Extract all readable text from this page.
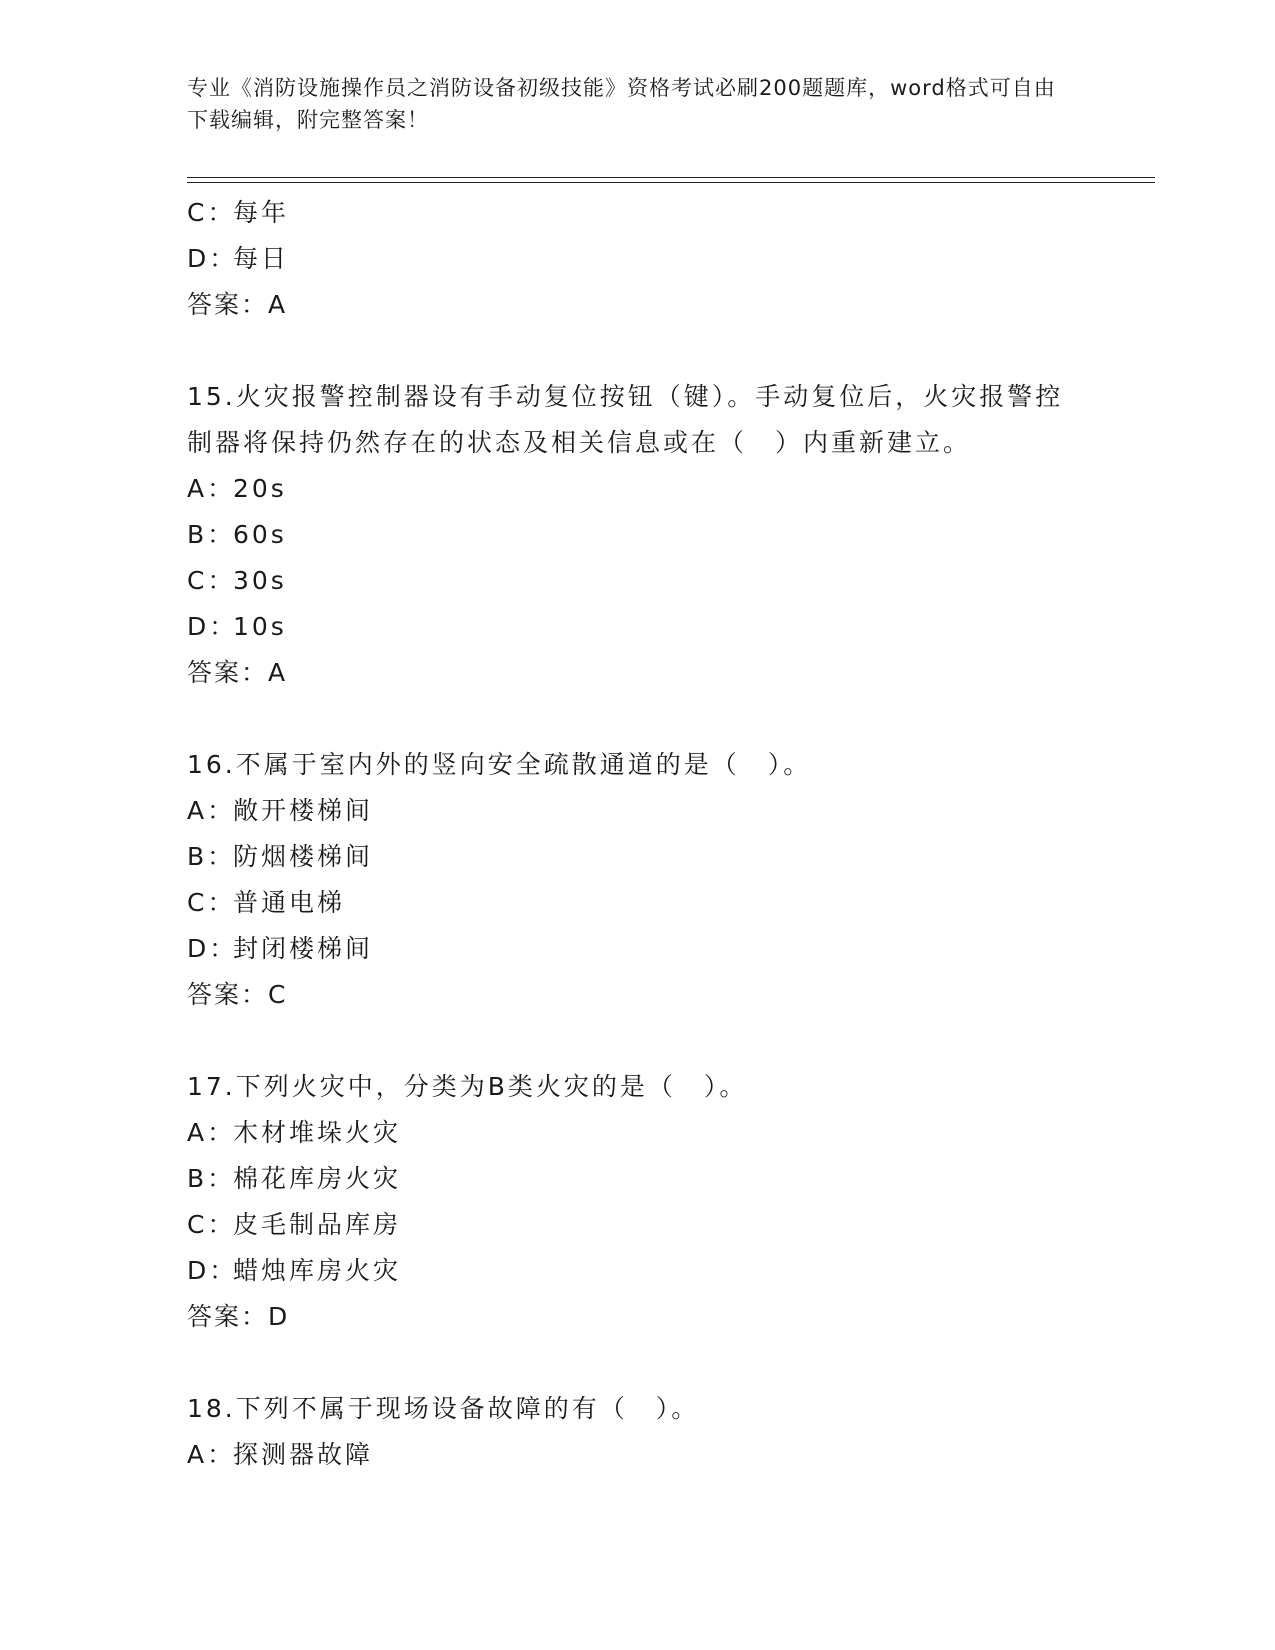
专业《消防设施操作员之消防设备初级技能》资格考试必刷200题题库，word格式可自由下载编辑，附完整答案！
C：每年
D：每日
答案：A
15.火灾报警控制器设有手动复位按钮（键）。手动复位后，火灾报警控制器将保持仍然存在的状态及相关信息或在（　）内重新建立。
A：20s
B：60s
C：30s
D：10s
答案：A
16.不属于室内外的竖向安全疏散通道的是（　）。
A：敞开楼梯间
B：防烟楼梯间
C：普通电梯
D：封闭楼梯间
答案：C
17.下列火灾中，分类为B类火灾的是（　）。
A：木材堆垛火灾
B：棉花库房火灾
C：皮毛制品库房
D：蜡烛库房火灾
答案：D
18.下列不属于现场设备故障的有（　）。
A：探测器故障
